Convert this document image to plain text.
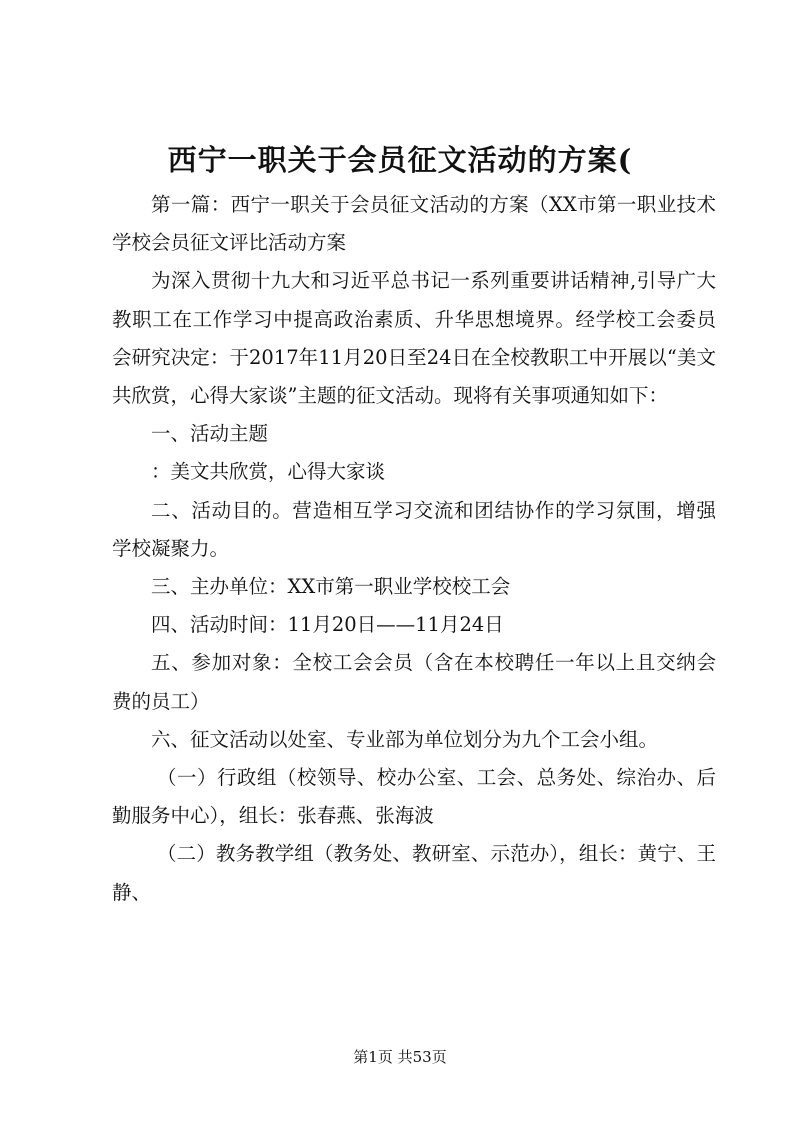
西宁一职关于会员征文活动的方案(

第一篇：西宁一职关于会员征文活动的方案（XX市第一职业技术学校会员征文评比活动方案

为深入贯彻十九大和习近平总书记一系列重要讲话精神,引导广大教职工在工作学习中提高政治素质、升华思想境界。经学校工会委员会研究决定：于2017年11月20日至24日在全校教职工中开展以“美文共欣赏，心得大家谈”主题的征文活动。现将有关事项通知如下：

一、活动主题

：美文共欣赏，心得大家谈

二、活动目的。营造相互学习交流和团结协作的学习氛围，增强学校凝聚力。

三、主办单位：XX市第一职业学校校工会

四、活动时间：11月20日——11月24日

五、参加对象：全校工会会员（含在本校聘任一年以上且交纳会费的员工）

六、征文活动以处室、专业部为单位划分为九个工会小组。

（一）行政组（校领导、校办公室、工会、总务处、综治办、后勤服务中心），组长：张春燕、张海波

（二）教务教学组（教务处、教研室、示范办），组长：黄宁、王静、

第1页 共53页
